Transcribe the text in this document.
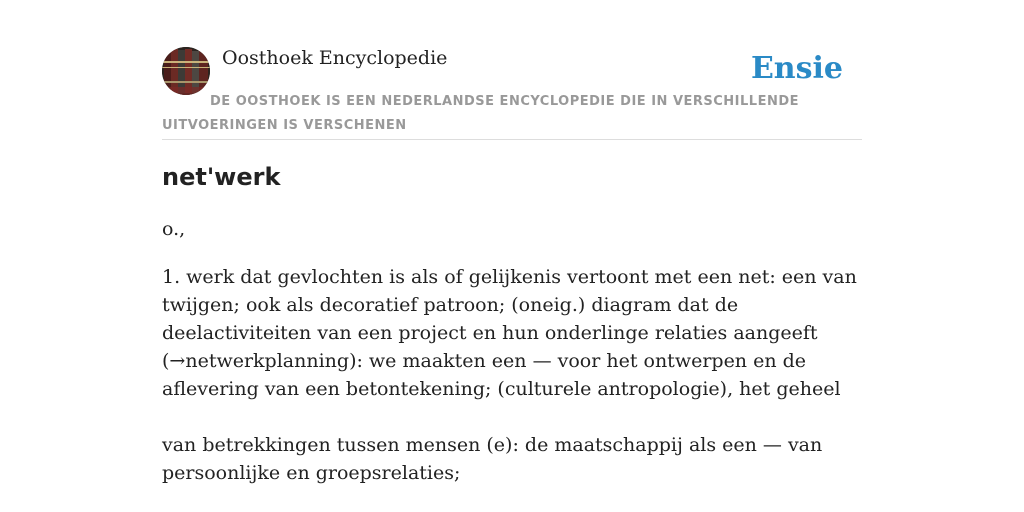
Oosthoek Encyclopedie	Ensie
DE OOSTHOEK IS EEN NEDERLANDSE ENCYCLOPEDIE DIE IN VERSCHILLENDE UITVOERINGEN IS VERSCHENEN
net'werk
o.,

1. werk dat gevlochten is als of gelijkenis vertoont met een net: een van twijgen; ook als decoratief patroon; (oneig.) diagram dat de deelactiviteiten van een project en hun onderlinge relaties aangeeft (→netwerkplanning): we maakten een — voor het ontwerpen en de aflevering van een betontekening; (culturele antropologie), het geheel

van betrekkingen tussen mensen (e): de maatschappij als een — van persoonlijke en groepsrelaties;
